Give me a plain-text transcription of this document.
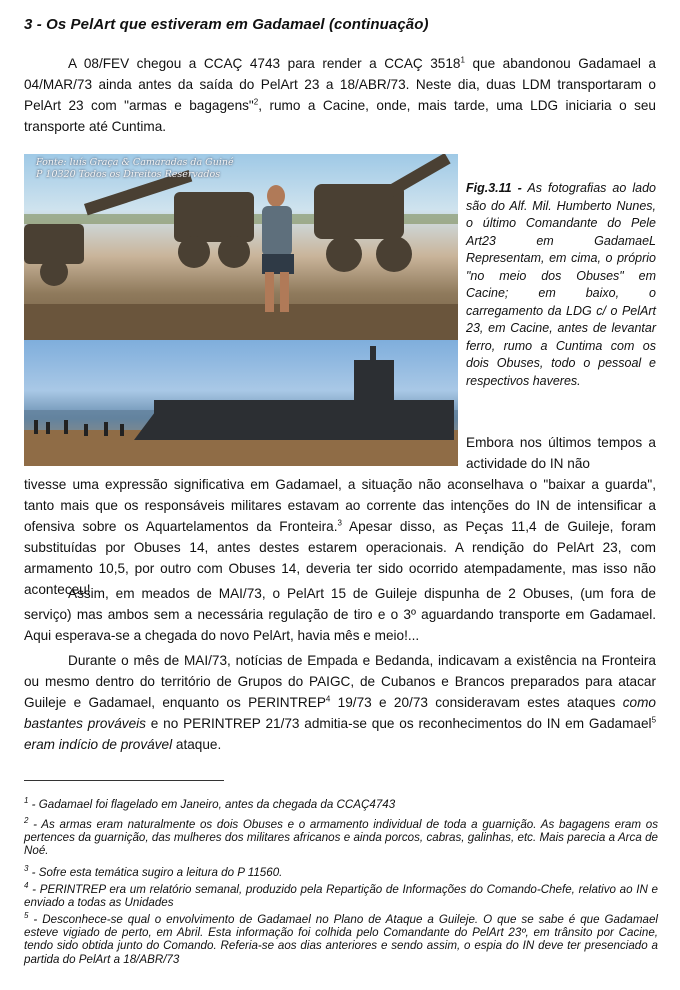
3 - Os PelArt que estiveram em Gadamael (continuação)

A 08/FEV chegou a CCAÇ 4743 para render a CCAÇ 3518$^1$ que abandonou Gadamael a 04/MAR/73 ainda antes da saída do PelArt 23 a 18/ABR/73. Neste dia, duas LDM transportaram o PelArt 23 com "armas e bagagens"$^2$, rumo a Cacine, onde, mais tarde, uma LDG iniciaria o seu transporte até Cuntima.

Fonte: luís Graça & Camaradas da Guiné
P 10320 Todos os Direitos Reservados
Fig.3.11 - As fotografias ao lado são do Alf. Mil. Humberto Nunes, o último Comandante do Pele Art23 em GadamaeL Representam, em cima, o próprio "no meio dos Obuses" em Cacine; em baixo, o carregamento da LDG c/ o PelArt 23, em Cacine, antes de levantar ferro, rumo a Cuntima com os dois Obuses, todo o pessoal e respectivos haveres.

Embora nos últimos tempos a actividade do IN não

tivesse uma expressão significativa em Gadamael, a situação não aconselhava o "baixar a guarda", tanto mais que os responsáveis militares estavam ao corrente das intenções do IN de intensificar a ofensiva sobre os Aquartelamentos da Fronteira.$^3$ Apesar disso, as Peças 11,4 de Guileje, foram substituídas por Obuses 14, antes destes estarem operacionais. A rendição do PelArt 23, com armamento 10,5, por outro com Obuses 14, deveria ter sido ocorrido atempadamente, mas isso não aconteceu!

Assim, em meados de MAI/73, o PelArt 15 de Guileje dispunha de 2 Obuses, (um fora de serviço) mas ambos sem a necessária regulação de tiro e o 3º aguardando transporte em Gadamael. Aqui esperava-se a chegada do novo PelArt, havia mês e meio!...

Durante o mês de MAI/73, notícias de Empada e Bedanda, indicavam a existência na Fronteira ou mesmo dentro do território de Grupos do PAIGC, de Cubanos e Brancos preparados para atacar Guileje e Gadamael, enquanto os PERINTREP$^4$ 19/73 e 20/73 consideravam estes ataques como bastantes prováveis e no PERINTREP 21/73 admitia-se que os reconhecimentos do IN em Gadamael$^5$ eram indício de provável ataque.

$^1$ - Gadamael foi flagelado em Janeiro, antes da chegada da CCAÇ4743
$^2$ - As armas eram naturalmente os dois Obuses e o armamento individual de toda a guarnição. As bagagens eram os pertences da guarnição, das mulheres dos militares africanos e ainda porcos, cabras, galinhas, etc. Mais parecia a Arca de Noé.
$^3$ - Sofre esta temática sugiro a leitura do P 11560.
$^4$ - PERINTREP era um relatório semanal, produzido pela Repartição de Informações do Comando-Chefe, relativo ao IN e enviado a todas as Unidades
$^5$ - Desconhece-se qual o envolvimento de Gadamael no Plano de Ataque a Guileje. O que se sabe é que Gadamael esteve vigiado de perto, em Abril. Esta informação foi colhida pelo Comandante do PelArt 23º, em trânsito por Cacine, tendo sido obtida junto do Comando. Referia-se aos dias anteriores e sendo assim, o espia do IN deve ter presenciado a partida do PelArt a 18/ABR/73
